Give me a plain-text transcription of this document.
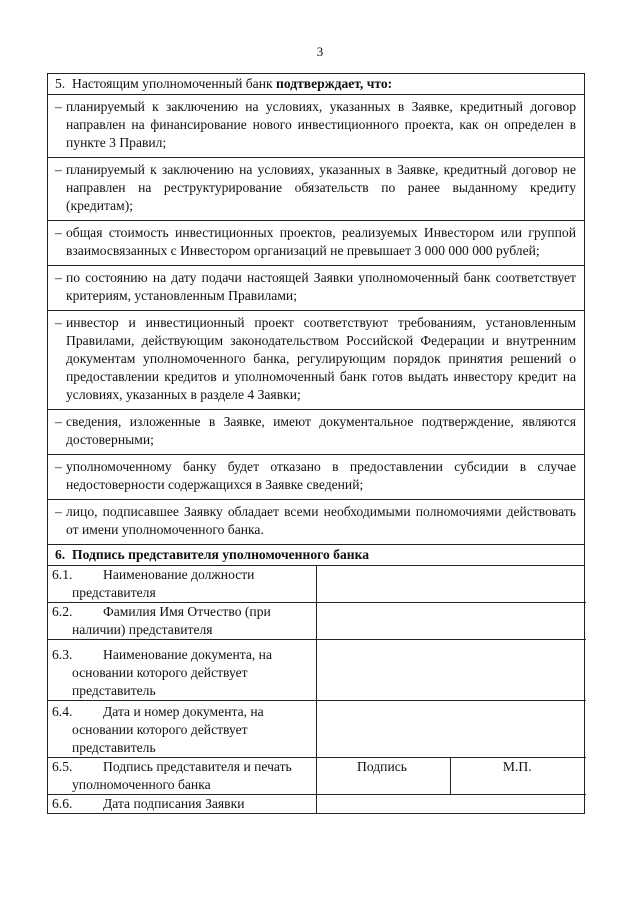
3
5. Настоящим уполномоченный банк подтверждает, что:
– планируемый к заключению на условиях, указанных в Заявке, кредитный договор направлен на финансирование нового инвестиционного проекта, как он определен в пункте 3 Правил;
– планируемый к заключению на условиях, указанных в Заявке, кредитный договор не направлен на реструктурирование обязательств по ранее выданному кредиту (кредитам);
– общая стоимость инвестиционных проектов, реализуемых Инвестором или группой взаимосвязанных с Инвестором организаций не превышает 3 000 000 000 рублей;
– по состоянию на дату подачи настоящей Заявки уполномоченный банк соответствует критериям, установленным Правилами;
– инвестор и инвестиционный проект соответствуют требованиям, установленным Правилами, действующим законодательством Российской Федерации и внутренним документам уполномоченного банка, регулирующим порядок принятия решений о предоставлении кредитов и уполномоченный банк готов выдать инвестору кредит на условиях, указанных в разделе 4 Заявки;
– сведения, изложенные в Заявке, имеют документальное подтверждение, являются достоверными;
– уполномоченному банку будет отказано в предоставлении субсидии в случае недостоверности содержащихся в Заявке сведений;
– лицо, подписавшее Заявку обладает всеми необходимыми полномочиями действовать от имени уполномоченного банка.
6. Подпись представителя уполномоченного банка
6.1. Наименование должности
представителя		
6.2. Фамилия Имя Отчество (при
наличии) представителя		
6.3. Наименование документа, на

основании которого действует представитель		

6.4. Дата и номер документа, на

основании которого действует представитель		

6.5. Подпись представителя и печать
уполномоченного банка	Подпись	М.П.
6.6. Дата подписания Заявки		
